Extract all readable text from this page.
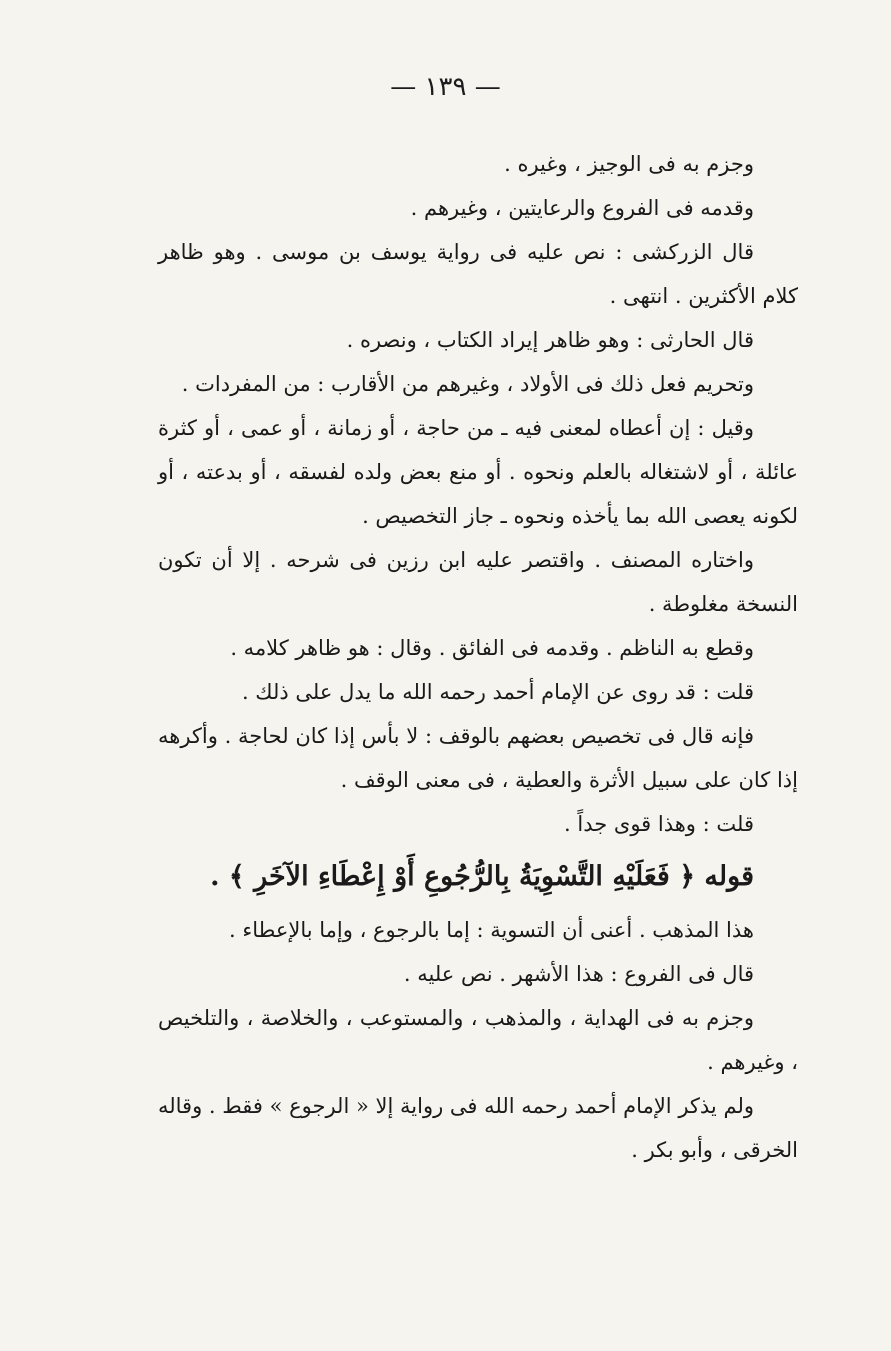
— ١٣٩ —

وجزم به فى الوجيز ، وغيره .

وقدمه فى الفروع والرعايتين ، وغيرهم .

قال الزركشى : نص عليه فى رواية يوسف بن موسى . وهو ظاهر كلام الأكثرين . انتهى .

قال الحارثى : وهو ظاهر إيراد الكتاب ، ونصره .

وتحريم فعل ذلك فى الأولاد ، وغيرهم من الأقارب : من المفردات .

وقيل : إن أعطاه لمعنى فيه ـ من حاجة ، أو زمانة ، أو عمى ، أو كثرة عائلة ، أو لاشتغاله بالعلم ونحوه . أو منع بعض ولده لفسقه ، أو بدعته ، أو لكونه يعصى الله بما يأخذه ونحوه ـ جاز التخصيص .

واختاره المصنف . واقتصر عليه ابن رزين فى شرحه . إلا أن تكون النسخة مغلوطة .

وقطع به الناظم . وقدمه فى الفائق . وقال : هو ظاهر كلامه .

قلت : قد روى عن الإمام أحمد رحمه الله ما يدل على ذلك .

فإنه قال فى تخصيص بعضهم بالوقف : لا بأس إذا كان لحاجة . وأكرهه إذا كان على سبيل الأثرة والعطية ، فى معنى الوقف .

قلت : وهذا قوى جداً .

قوله ﴿ فَعَلَيْهِ التَّسْوِيَةُ بِالرُّجُوعِ أَوْ إِعْطَاءِ الآخَرِ ﴾ .

هذا المذهب . أعنى أن التسوية : إما بالرجوع ، وإما بالإعطاء .

قال فى الفروع : هذا الأشهر . نص عليه .

وجزم به فى الهداية ، والمذهب ، والمستوعب ، والخلاصة ، والتلخيص ، وغيرهم .

ولم يذكر الإمام أحمد رحمه الله فى رواية إلا « الرجوع » فقط . وقاله الخرقى ، وأبو بكر .
